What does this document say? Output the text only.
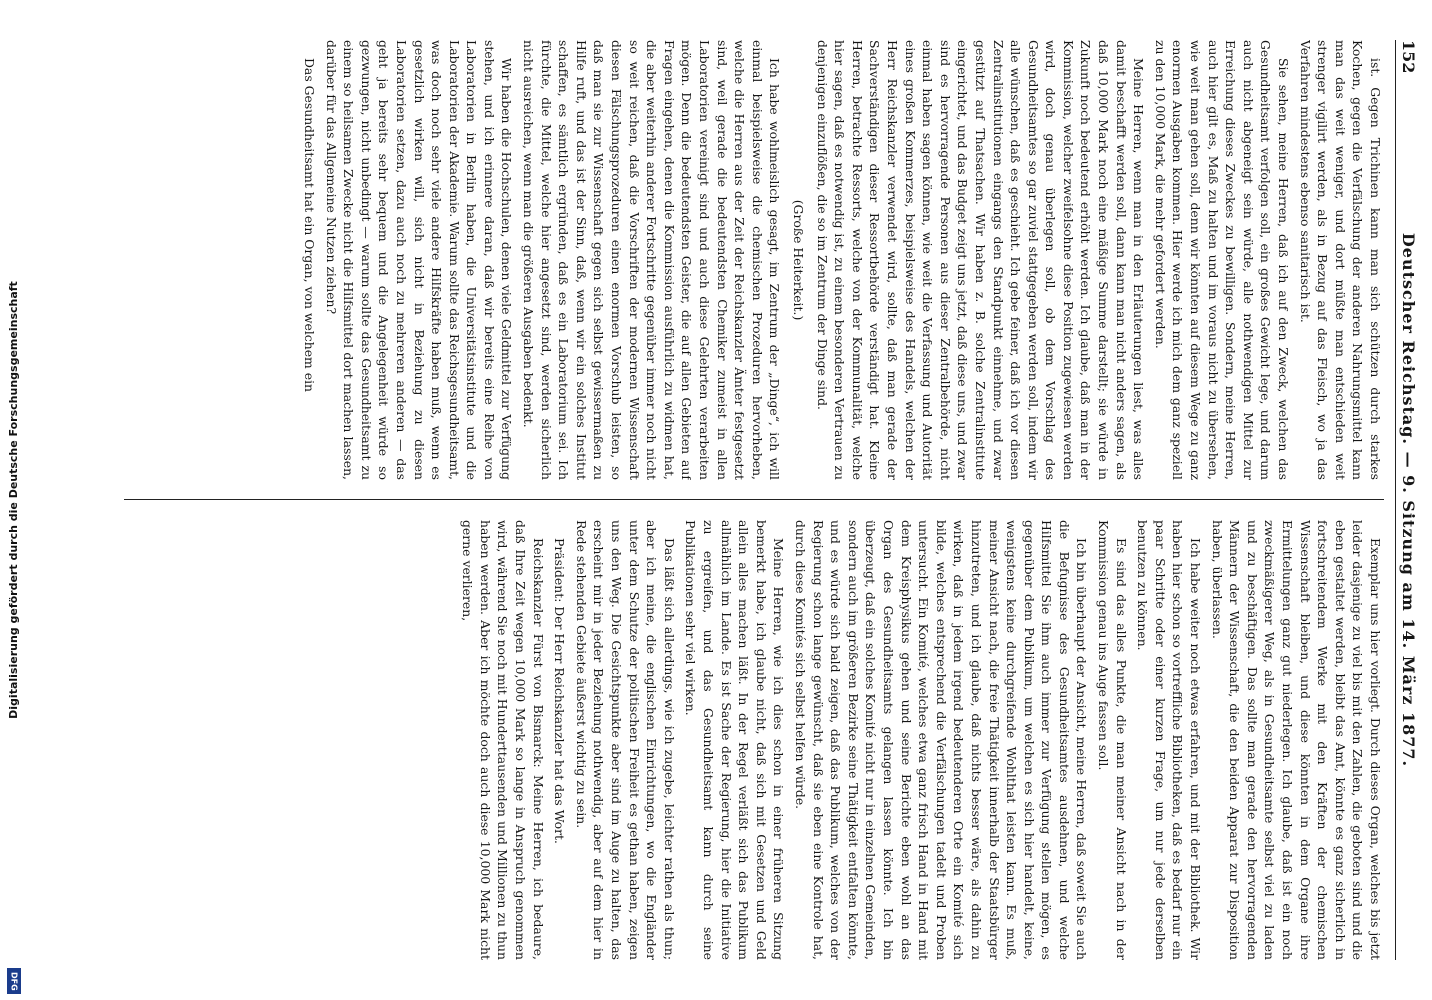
152
Deutscher Reichstag. — 9. Sitzung am 14. März 1877.

ist. Gegen Trichinen kann man sich schützen durch starkes Kochen, gegen die Verfälschung der anderen Nahrungsmittel kann man das weit weniger, und dort müßte man entschieden weit strenger vigilirt werden, als in Bezug auf das Fleisch, wo ja das Verfahren mindestens ebenso sanitarisch ist.

Sie sehen, meine Herren, daß ich auf den Zweck, welchen das Gesundheitsamt verfolgen soll, ein großes Gewicht lege, und darum auch nicht abgeneigt sein würde, alle nothwendigen Mittel zur Erreichung dieses Zweckes zu bewilligen. Sondern, meine Herren, auch hier gilt es, Maß zu halten und im voraus nicht zu übersehen, wie weit man gehen soll, denn wir könnten auf diesem Wege zu ganz enormen Ausgaben kommen. Hier werde ich mich dem ganz speziell zu den 10,000 Mark, die mehr gefordert werden.

Meine Herren, wenn man in den Erläuterungen liest, was alles damit beschafft werden soll, dann kann man nicht anders sagen, als daß 10,000 Mark noch eine mäßige Summe darstellt; sie würde in Zukunft noch bedeutend erhöht werden. Ich glaube, daß man in der Kommission, welcher zweifelsohne diese Position zugewiesen werden wird, doch genau überlegen soll, ob dem Vorschlag des Gesundheitsamtes so gar zuviel stattgegeben werden soll, indem wir alle wünschen, daß es geschieht. Ich gebe feiner, daß ich vor diesen Zentralinstitutionen eingangs den Standpunkt einnehme, und zwar gestützt auf Thatsachen. Wir haben z. B. solche Zentralinstitute eingerichtet, und das Budget zeigt uns jetzt, daß diese uns, und zwar sind es hervorragende Personen aus dieser Zentralbehörde, nicht einmal haben sagen können, wie weit die Verfassung und Autorität eines großen Kommerzes, beispielsweise des Handels, welchen der Herr Reichskanzler verwendet wird, sollte, daß man gerade der Sachverständigen dieser Ressortbehörde verständigt hat. Kleine Herren, betrachte Ressorts, welche von der Kommunalität, welche hier sagen, daß es notwendig ist, zu einem besonderen Vertrauen zu denjenigen einzuflößen, die so im Zentrum der Dinge sind.

(Große Heiterkeit.)

Ich habe wohlmeislich gesagt, im Zentrum der „Dinge“, ich will einmal beispielsweise die chemischen Prozeduren hervorheben, welche die Herren aus der Zeit der Reichskanzler Ämter festgesetzt sind, weil gerade die bedeutendsten Chemiker zumeist in allen Laboratorien vereinigt sind und auch diese Gelehrten verarbeiten mögen. Denn die bedeutendsten Geister, die auf allen Gebieten auf Fragen eingehen, denen die Kommission ausführlich zu widmen hat, die aber weiterhin anderer Fortschritte gegenüber immer noch nicht so weit reichen, daß die Vorschriften der modernen Wissenschaft diesen Fälschungsprozeduren einen enormen Vorschub leisten, so daß man sie zur Wissenschaft gegen sich selbst gewissermaßen zu Hilfe ruft, und das ist der Sinn, daß, wenn wir ein solches Institut schaffen, es sämtlich ergründen, daß es ein Laboratorium sei. Ich fürchte, die Mittel, welche hier angesetzt sind, werden sicherlich nicht ausreichen, wenn man die größeren Ausgaben bedenkt.

Wir haben die Hochschulen, denen viele Geldmittel zur Verfügung stehen, und ich erinnere daran, daß wir bereits eine Reihe von Laboratorien in Berlin haben, die Universitätsinstitute und die Laboratorien der Akademie. Warum sollte das Reichsgesundheitsamt, was doch noch sehr viele andere Hilfskräfte haben muß, wenn es gesetzlich wirken will, sich nicht in Beziehung zu diesen Laboratorien setzen, dazu auch noch zu mehreren anderen — das geht ja bereits sehr bequem und die Angelegenheit würde so gezwungen, nicht unbedingt — warum sollte das Gesundheitsamt zu einem so heilsamen Zwecke nicht die Hilfsmittel dort machen lassen, darüber für das Allgemeine Nutzen ziehen?

Das Gesundheitsamt hat ein Organ, von welchem ein

Exemplar uns hier vorliegt. Durch dieses Organ, welches bis jetzt leider dasjenige zu viel bis mit den Zahlen, die geboten sind und die eben gestaltet werden, bleibt das Amt, könnte es ganz sicherlich in fortschreitendem Werke mit den Kräften der chemischen Wissenschaft bleiben, und diese könnten in dem Organe ihre Ermittelungen ganz gut niederlegen. Ich glaube, daß ist ein noch zweckmäßigerer Weg, als in Gesundheitsamte selbst viel zu laden und zu beschäftigen. Das sollte man gerade den hervorragenden Männern der Wissenschaft, die den beiden Apparat zur Disposition haben, überlassen.

Ich habe weiter noch etwas erfahren, und mit der Bibliothek. Wir haben hier schon so vortreffliche Bibliotheken, daß es bedarf nur ein paar Schritte oder einer kurzen Frage, um nur jede derselben benutzen zu können.

Es sind das alles Punkte, die man meiner Ansicht nach in der Kommission genau ins Auge fassen soll.

Ich bin überhaupt der Ansicht, meine Herren, daß soweit Sie auch die Befugnisse des Gesundheitsamtes ausdehnen, und welche Hilfsmittel Sie ihm auch immer zur Verfügung stellen mögen, es gegenüber dem Publikum, um welchen es sich hier handelt, keine, wenigstens keine durchgreifende Wohlthat leisten kann. Es muß, meiner Ansicht nach, die freie Thätigkeit innerhalb der Staatsbürger hinzutreten, und ich glaube, daß nichts besser wäre, als dahin zu wirken, daß in jedem irgend bedeutenderen Orte ein Komité sich bilde, welches entsprechend die Verfälschungen tadelt und Proben untersucht. Ein Komité, welches etwa ganz frisch Hand in Hand mit dem Kreisphysikus gehen und seine Berichte eben wohl an das Organ des Gesundheitsamts gelangen lassen könnte. Ich bin überzeugt, daß ein solches Komité nicht nur in einzelnen Gemeinden, sondern auch im größeren Bezirke seine Thätigkeit entfalten könnte, und es würde sich bald zeigen, daß das Publikum, welches von der Regierung schon lange gewünscht, daß sie eben eine Kontrole hat, durch diese Komités sich selbst helfen würde.

Meine Herren, wie ich dies schon in einer früheren Sitzung bemerkt habe, ich glaube nicht, daß sich mit Gesetzen und Geld allein alles machen läßt. In der Regel verläßt sich das Publikum allmählich im Lande. Es ist Sache der Regierung, hier die Initiative zu ergreifen, und das Gesundheitsamt kann durch seine Publikationen sehr viel wirken.

Das läßt sich allerdings, wie ich zugebe, leichter rathen als thun; aber ich meine, die englischen Einrichtungen, wo die Engländer unter dem Schutze der politischen Freiheit es gethan haben, zeigen uns den Weg. Die Gesichtspunkte aber sind im Auge zu halten, das erscheint mir in jeder Beziehung nothwendig, aber auf dem hier in Rede stehenden Gebiete äußerst wichtig zu sein.

Präsident: Der Herr Reichskanzler hat das Wort.

Reichskanzler Fürst von Bismarck: Meine Herren, ich bedaure, daß Ihre Zeit wegen 10,000 Mark so lange in Anspruch genommen wird, während Sie noch mit Hunderttausenden und Millionen zu thun haben werden. Aber ich möchte doch auch diese 10,000 Mark nicht gerne verlieren,

Digitalisierung gefördert durch die Deutsche Forschungsgemeinschaft
DFG
